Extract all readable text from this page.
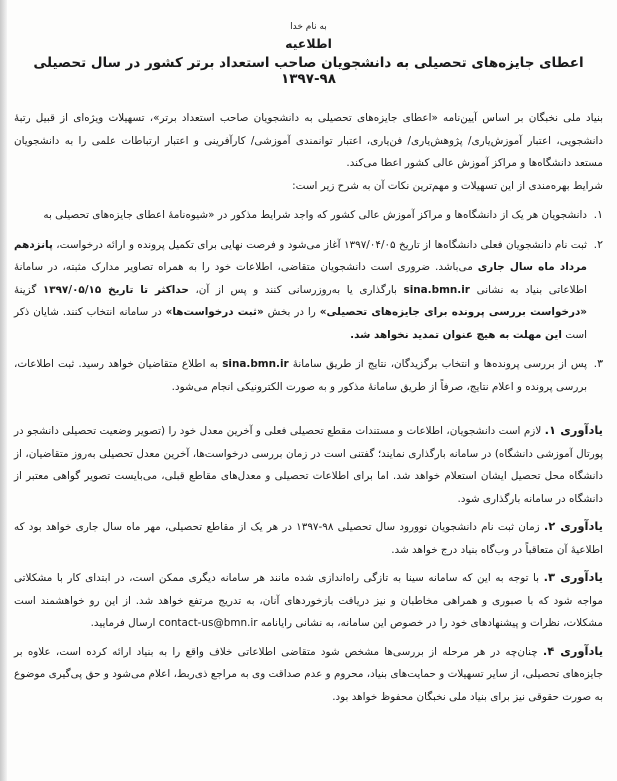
به نام خدا

اطلاعیه

اعطای جایزه‌های تحصیلی به دانشجویان صاحب استعداد برتر کشور در سال تحصیلی ۹۸-۱۳۹۷

بنیاد ملی نخبگان بر اساس آیین‌نامه «اعطای جایزه‌های تحصیلی به دانشجویان صاحب استعداد برتر»، تسهیلات ویژه‌ای از قبیل رتبۀ دانشجویی، اعتبار آموزش‌یاری/ پژوهش‌یاری/ فن‌یاری، اعتبار توانمندی آموزشی/ کارآفرینی و اعتبار ارتباطات علمی را به دانشجویان مستعد دانشگاه‌ها و مراکز آموزش عالی کشور اعطا می‌کند.

شرایط بهره‌مندی از این تسهیلات و مهم‌ترین نکات آن به شرح زیر است:

۱.

دانشجویان هر یک از دانشگاه‌ها و مراکز آموزش عالی کشور که واجد شرایط مذکور در «شیوه‌نامۀ اعطای جایزه‌های تحصیلی به

۲.

ثبت نام دانشجویان فعلی دانشگاه‌ها از تاریخ ۱۳۹۷/۰۴/۰۵ آغاز می‌شود و فرصت نهایی برای تکمیل پرونده و ارائه درخواست، پانزدهم مرداد ماه سال جاری می‌باشد. ضروری است دانشجویان متقاضی، اطلاعات خود را به همراه تصاویر مدارک مثبته، در سامانۀ اطلاعاتی بنیاد به نشانی sina.bmn.ir بارگذاری یا به‌روزرسانی کنند و پس از آن، حداکثر تا تاریخ ۱۳۹۷/۰۵/۱۵ گزینۀ «درخواست بررسی پرونده برای جایزه‌های تحصیلی» را در بخش «ثبت درخواست‌ها» در سامانه انتخاب کنند. شایان ذکر است این مهلت به هیچ عنوان تمدید نخواهد شد.

۳.

پس از بررسی پرونده‌ها و انتخاب برگزیدگان، نتایج از طریق سامانۀ sina.bmn.ir به اطلاع متقاضیان خواهد رسید. ثبت اطلاعات، بررسی پرونده و اعلام نتایج، صرفاً از طریق سامانۀ مذکور و به صورت الکترونیکی انجام می‌شود.

یادآوری ۱. لازم است دانشجویان، اطلاعات و مستندات مقطع تحصیلی فعلی و آخرین معدل خود را (تصویر وضعیت تحصیلی دانشجو در پورتال آموزشی دانشگاه) در سامانه بارگذاری نمایند؛ گفتنی است در زمان بررسی درخواست‌ها، آخرین معدل تحصیلی به‌روز متقاضیان، از دانشگاه محل تحصیل ایشان استعلام خواهد شد. اما برای اطلاعات تحصیلی و معدل‌های مقاطع قبلی، می‌بایست تصویر گواهی معتبر از دانشگاه در سامانه بارگذاری شود.

یادآوری ۲. زمان ثبت نام دانشجویان نوورود سال تحصیلی ۹۸-۱۳۹۷ در هر یک از مقاطع تحصیلی، مهر ماه سال جاری خواهد بود که اطلاعیۀ آن متعاقباً در وب‌گاه بنیاد درج خواهد شد.

یادآوری ۳. با توجه به این که سامانه سینا به تازگی راه‌اندازی شده مانند هر سامانه دیگری ممکن است، در ابتدای کار با مشکلاتی مواجه شود که با صبوری و همراهی مخاطبان و نیز دریافت بازخوردهای آنان، به تدریج مرتفع خواهد شد. از این رو خواهشمند است مشکلات، نظرات و پیشنهادهای خود را در خصوص این سامانه، به نشانی رایانامه contact-us@bmn.ir ارسال فرمایید.

یادآوری ۴. چنان‌چه در هر مرحله از بررسی‌ها مشخص شود متقاضی اطلاعاتی خلاف واقع را به بنیاد ارائه کرده است، علاوه بر جایزه‌های تحصیلی، از سایر تسهیلات و حمایت‌های بنیاد، محروم و عدم صداقت وی به مراجع ذی‌ربط، اعلام می‌شود و حق پی‌گیری موضوع به صورت حقوقی نیز برای بنیاد ملی نخبگان محفوظ خواهد بود.
